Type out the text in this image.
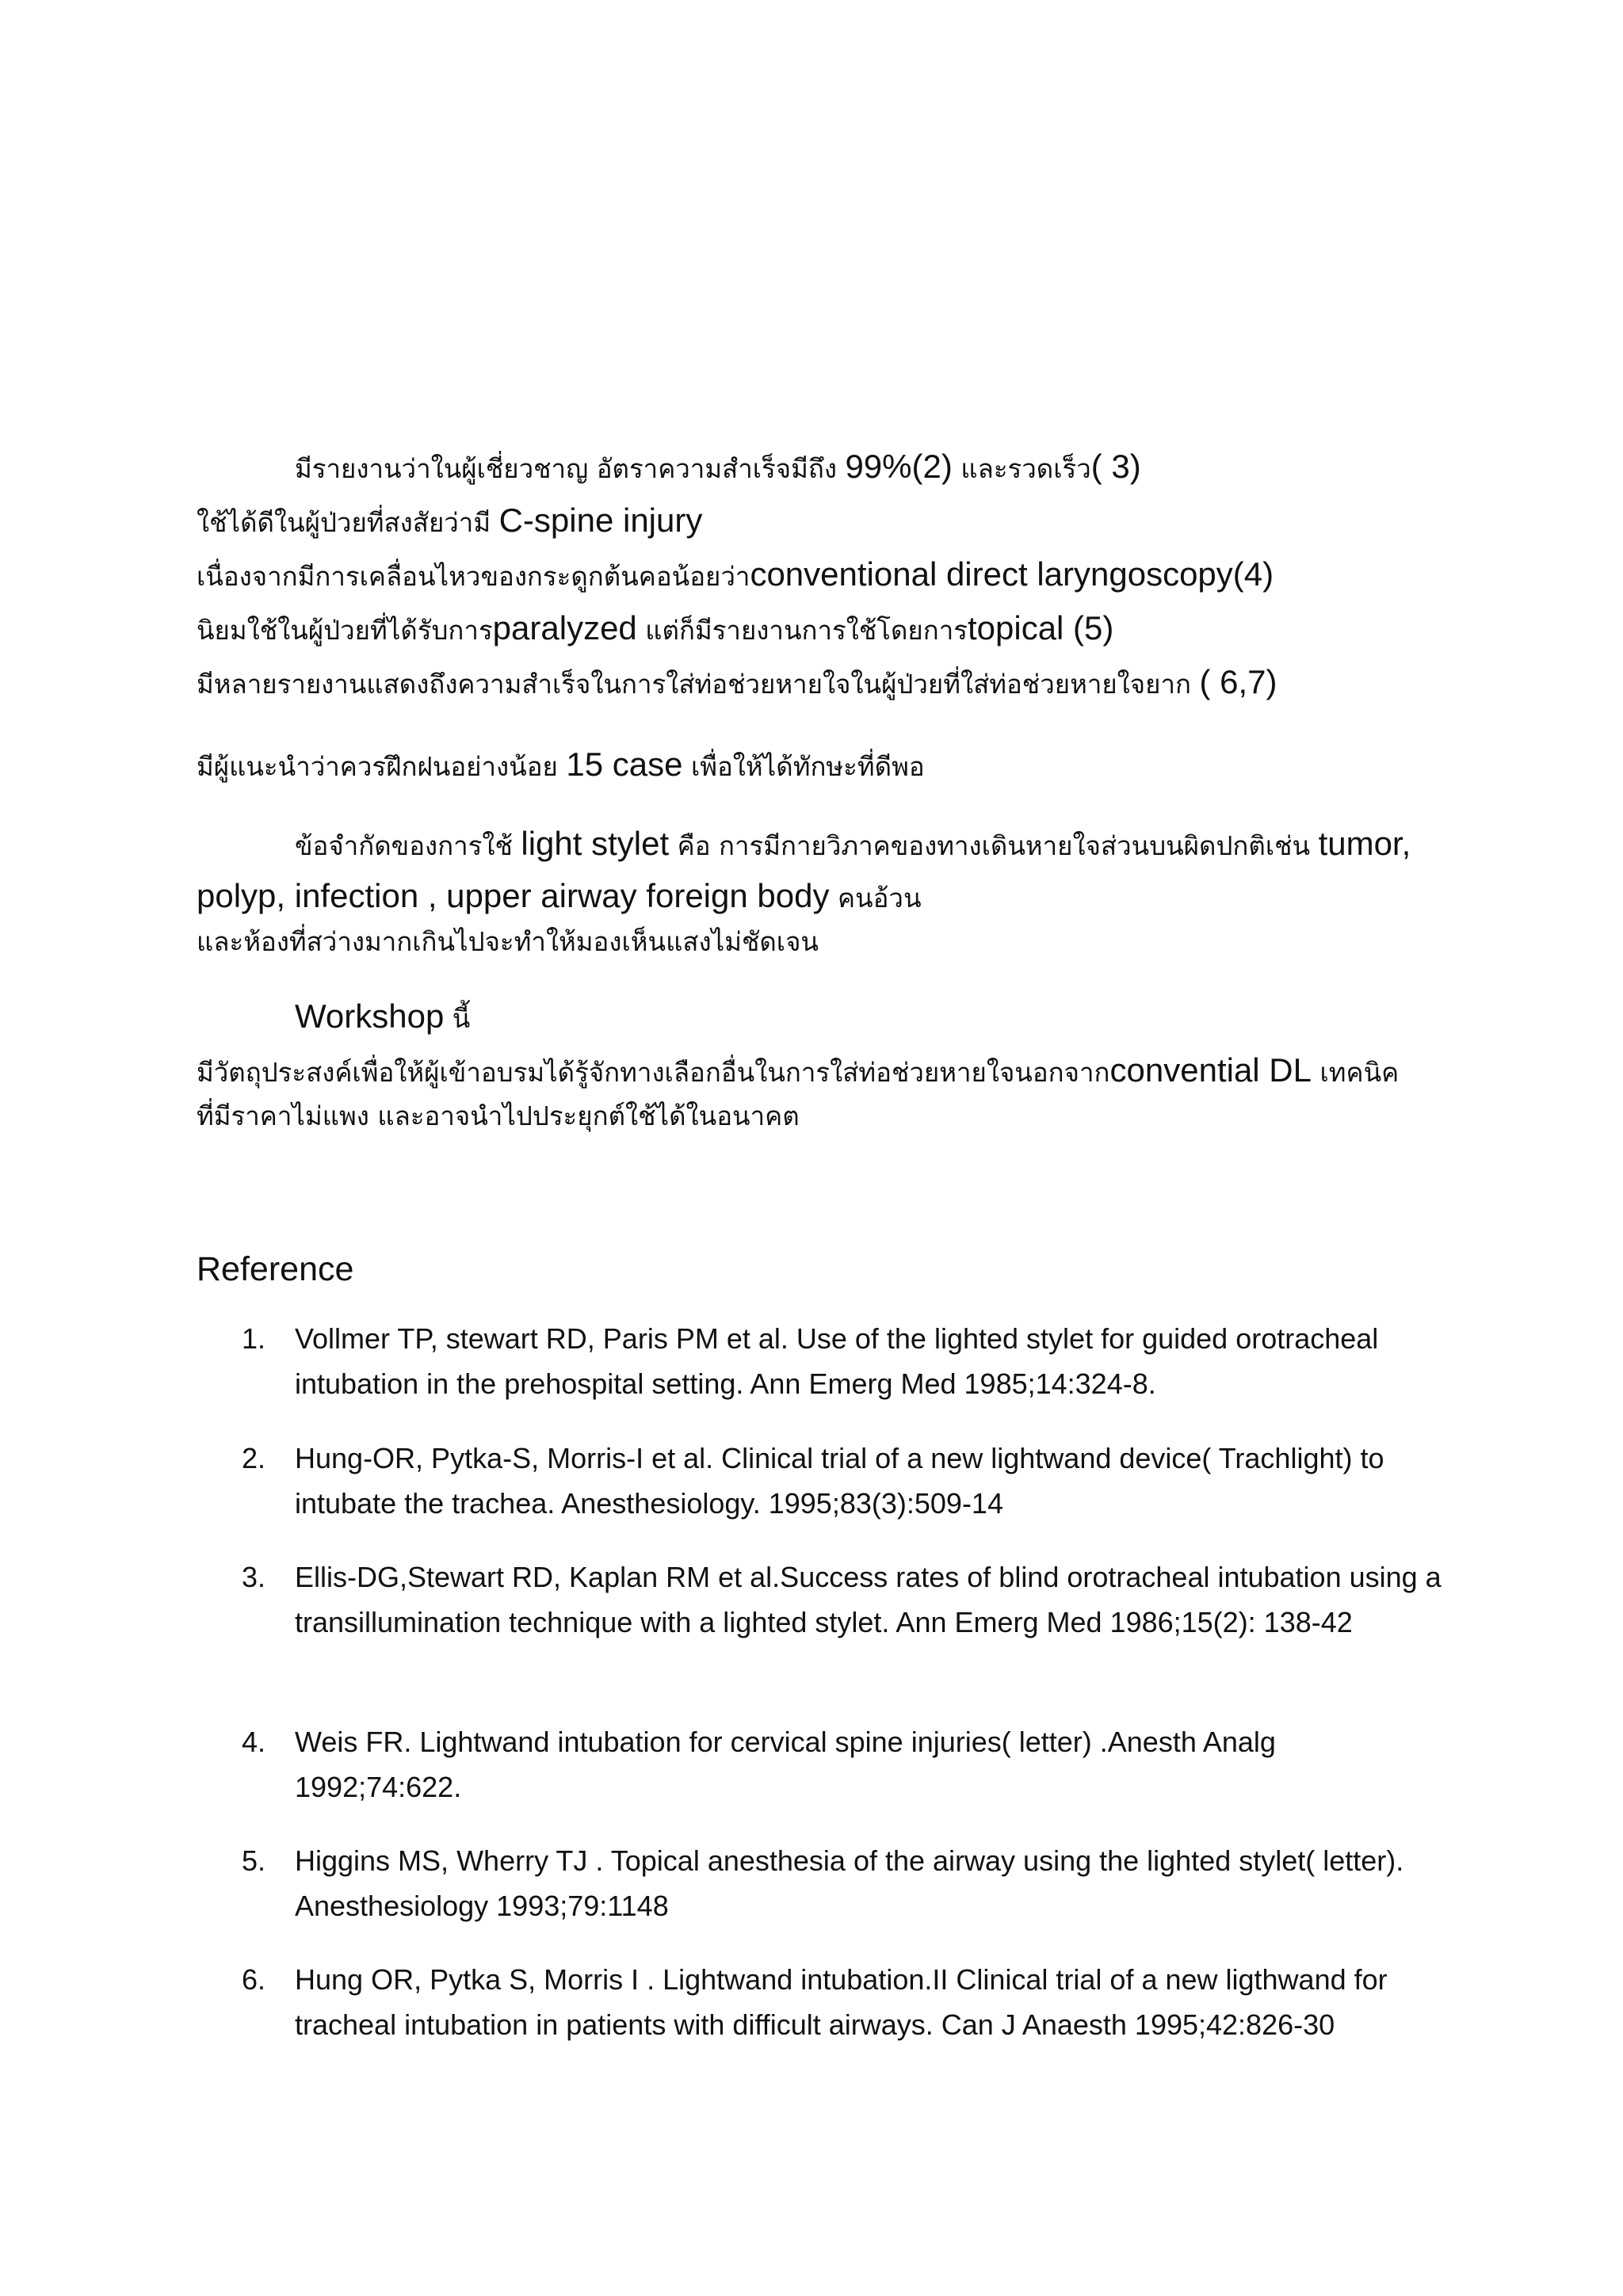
มีรายงานว่าในผู้เชี่ยวชาญ อัตราความสำเร็จมีถึง 99%(2) และรวดเร็ว( 3)
ใช้ได้ดีในผู้ป่วยที่สงสัยว่ามี C-spine injury
เนื่องจากมีการเคลื่อนไหวของกระดูกต้นคอน้อยว่าconventional direct laryngoscopy(4)
นิยมใช้ในผู้ป่วยที่ได้รับการparalyzed แต่ก็มีรายงานการใช้โดยการtopical (5)
มีหลายรายงานแสดงถึงความสำเร็จในการใส่ท่อช่วยหายใจในผู้ป่วยที่ใส่ท่อช่วยหายใจยาก ( 6,7)
มีผู้แนะนำว่าควรฝึกฝนอย่างน้อย 15 case เพื่อให้ได้ทักษะที่ดีพอ
ข้อจำกัดของการใช้ light stylet คือ การมีกายวิภาคของทางเดินหายใจส่วนบนผิดปกติเช่น tumor,
polyp, infection , upper airway foreign body คนอ้วน
และห้องที่สว่างมากเกินไปจะทำให้มองเห็นแสงไม่ชัดเจน
Workshop นี้
มีวัตถุประสงค์เพื่อให้ผู้เข้าอบรมได้รู้จักทางเลือกอื่นในการใส่ท่อช่วยหายใจนอกจากconvential DL เทคนิค
ที่มีราคาไม่แพง และอาจนำไปประยุกต์ใช้ได้ในอนาคต
Reference
1. Vollmer TP, stewart RD, Paris PM et al. Use of the lighted stylet for guided orotracheal intubation in the prehospital setting. Ann Emerg Med 1985;14:324-8.
2. Hung-OR, Pytka-S, Morris-I et al. Clinical trial of a new lightwand device( Trachlight) to intubate the trachea. Anesthesiology. 1995;83(3):509-14
3. Ellis-DG,Stewart RD, Kaplan RM et al.Success rates of blind orotracheal intubation using a transillumination technique with a lighted stylet. Ann Emerg Med 1986;15(2): 138-42
4. Weis FR. Lightwand intubation for cervical spine injuries( letter) .Anesth Analg 1992;74:622.
5. Higgins MS, Wherry TJ . Topical anesthesia of the airway using the lighted stylet( letter). Anesthesiology 1993;79:1148
6. Hung OR, Pytka S, Morris I . Lightwand intubation.II Clinical trial of a new ligthwand for tracheal intubation in patients with difficult airways. Can J Anaesth 1995;42:826-30
